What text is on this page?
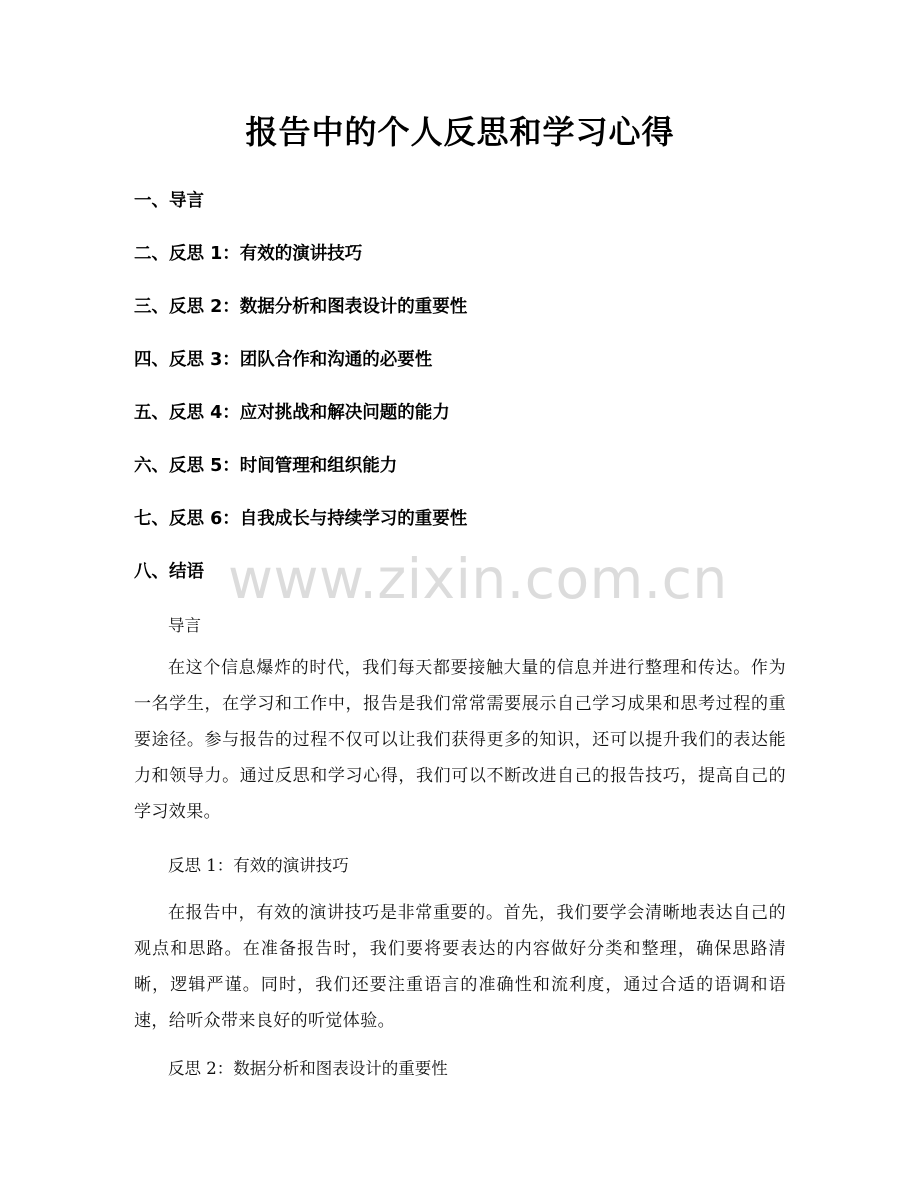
报告中的个人反思和学习心得
一、导言
二、反思 1：有效的演讲技巧
三、反思 2：数据分析和图表设计的重要性
四、反思 3：团队合作和沟通的必要性
五、反思 4：应对挑战和解决问题的能力
六、反思 5：时间管理和组织能力
七、反思 6：自我成长与持续学习的重要性
八、结语 www.zixin.com.cn

导言

在这个信息爆炸的时代，我们每天都要接触大量的信息并进行整理和传达。作为一名学生，在学习和工作中，报告是我们常常需要展示自己学习成果和思考过程的重要途径。参与报告的过程不仅可以让我们获得更多的知识，还可以提升我们的表达能力和领导力。通过反思和学习心得，我们可以不断改进自己的报告技巧，提高自己的学习效果。

反思 1：有效的演讲技巧

在报告中，有效的演讲技巧是非常重要的。首先，我们要学会清晰地表达自己的观点和思路。在准备报告时，我们要将要表达的内容做好分类和整理，确保思路清晰，逻辑严谨。同时，我们还要注重语言的准确性和流利度，通过合适的语调和语速，给听众带来良好的听觉体验。

反思 2：数据分析和图表设计的重要性
